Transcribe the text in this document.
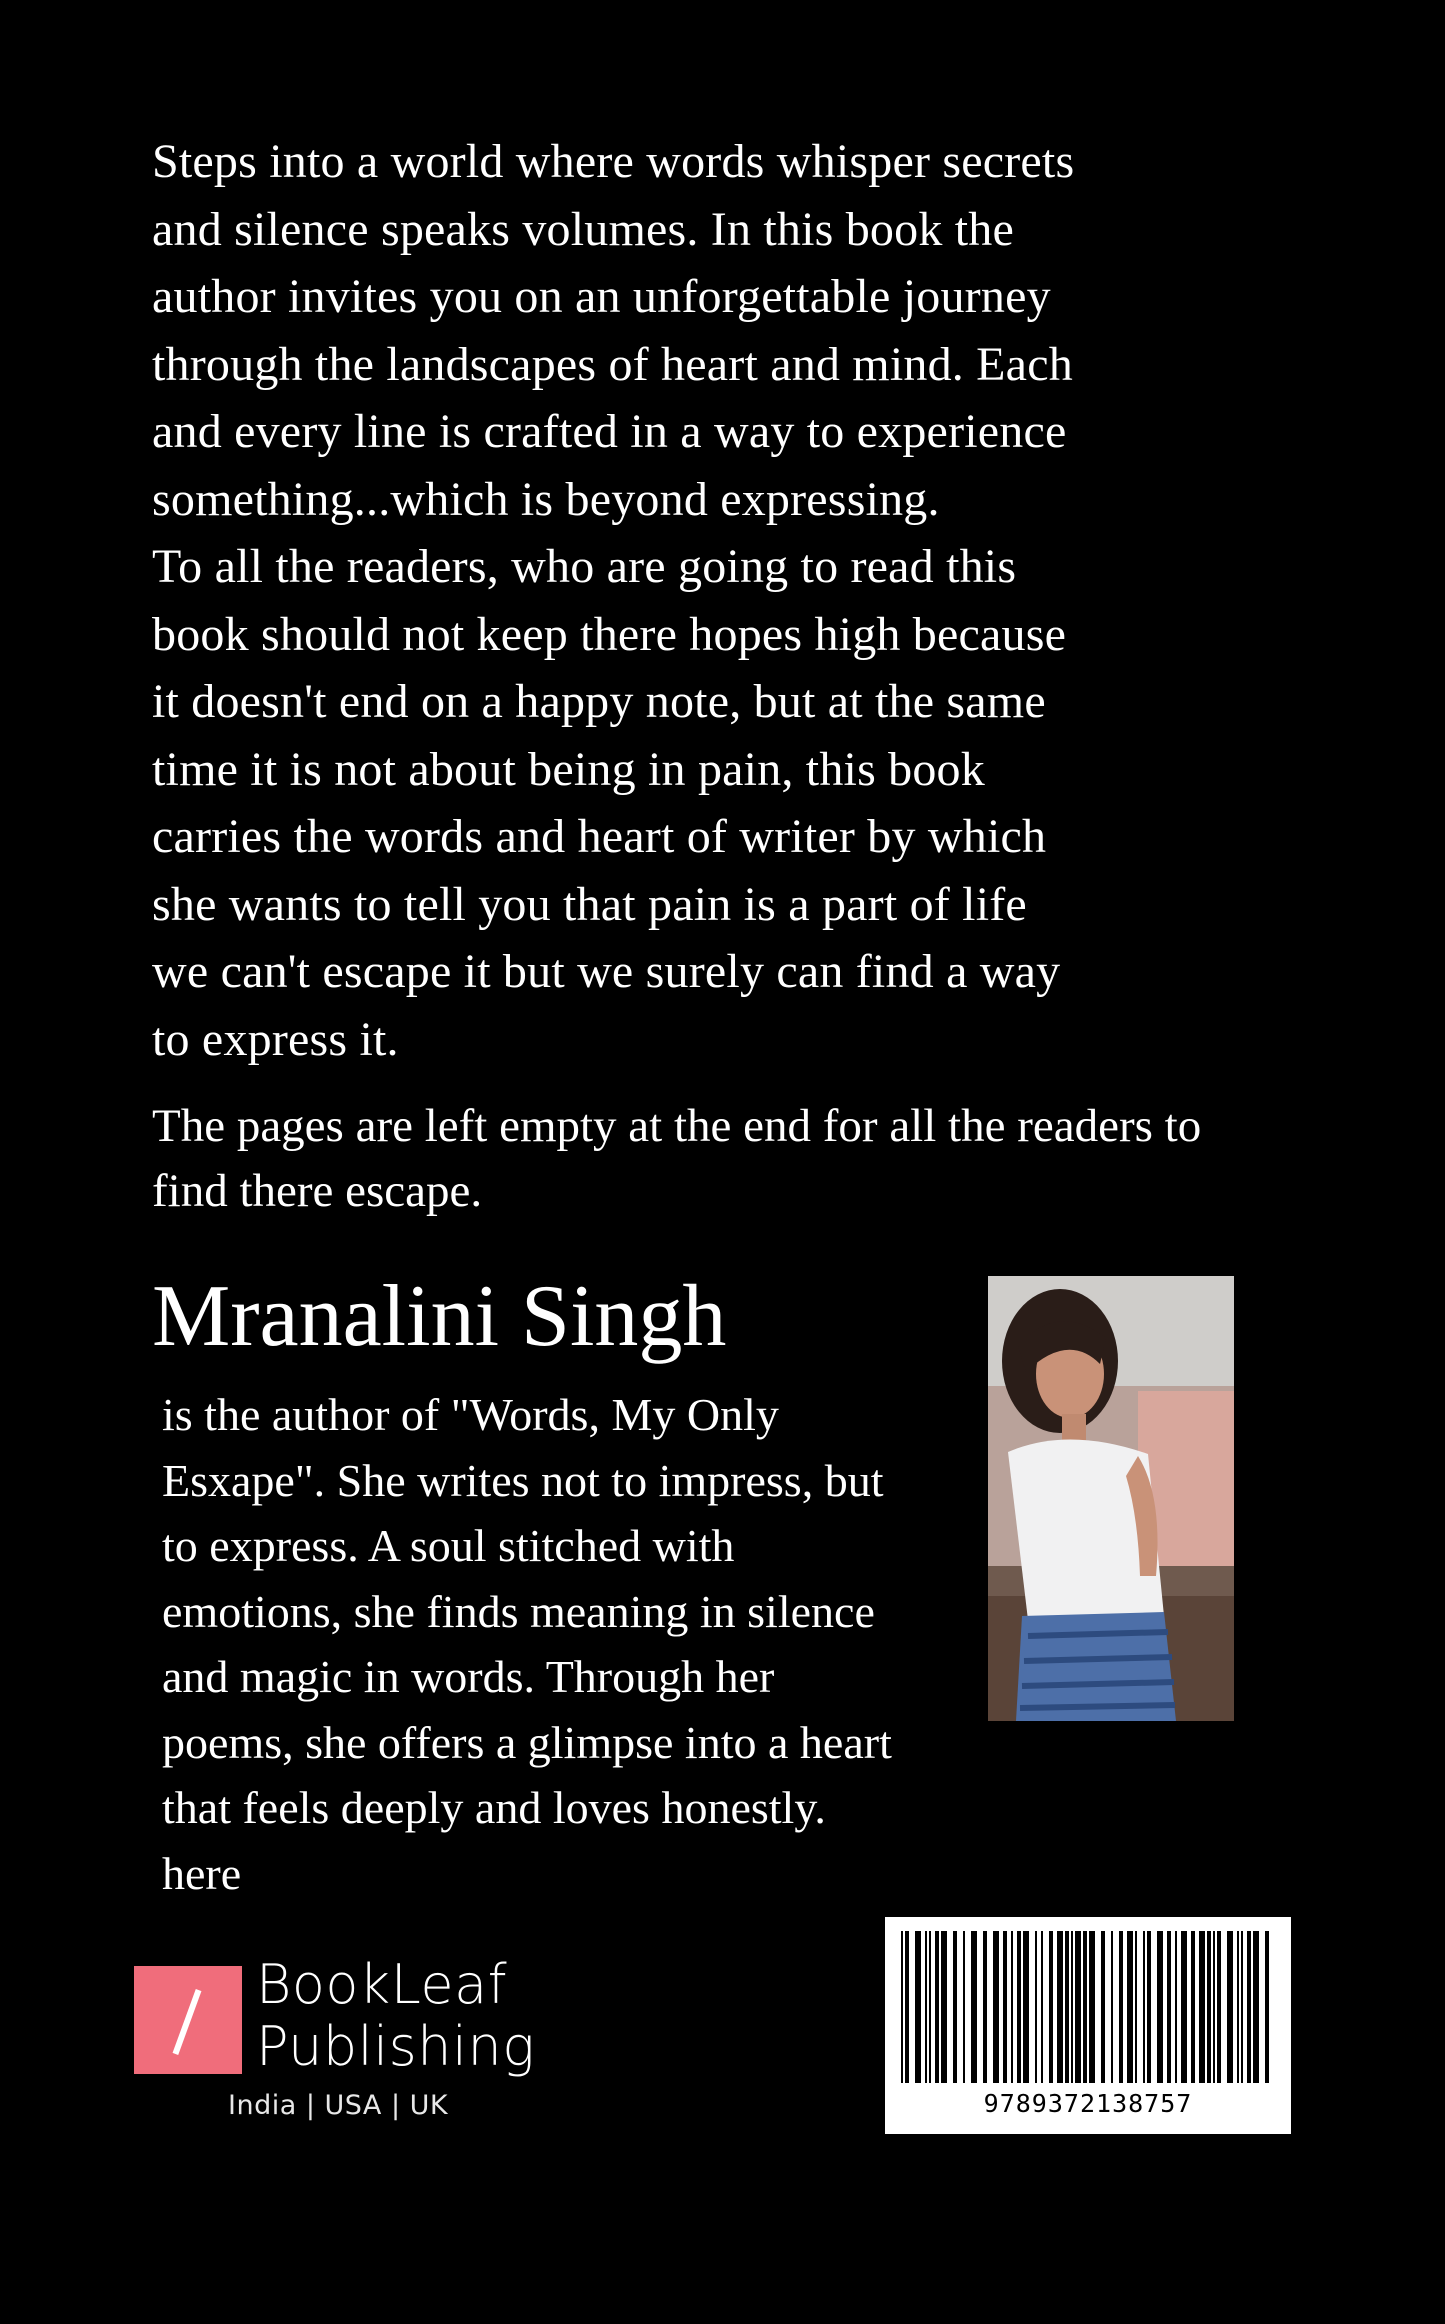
Steps into a world where words whisper secrets
and silence speaks volumes. In this book the
author invites you on an unforgettable journey
through the landscapes of heart and mind. Each
and every line is crafted in a way to experience
something...which is beyond expressing.
To all the readers, who are going to read this
book should not keep there hopes high because
it doesn't end on a happy note, but at the same
time it is not about being in pain, this book
carries the words and heart of writer by which
she wants to tell you that pain is a part of life
we can't escape it but we surely can find a way
to express it.

The pages are left empty at the end for all the readers to
find there escape.

Mranalini Singh

is the author of "Words, My Only
Esxape". She writes not to impress, but
to express. A soul stitched with
emotions, she finds meaning in silence
and magic in words. Through her
poems, she offers a glimpse into a heart
that feels deeply and loves honestly.
here

BookLeaf
Publishing
India | USA | UK	9789372138757
